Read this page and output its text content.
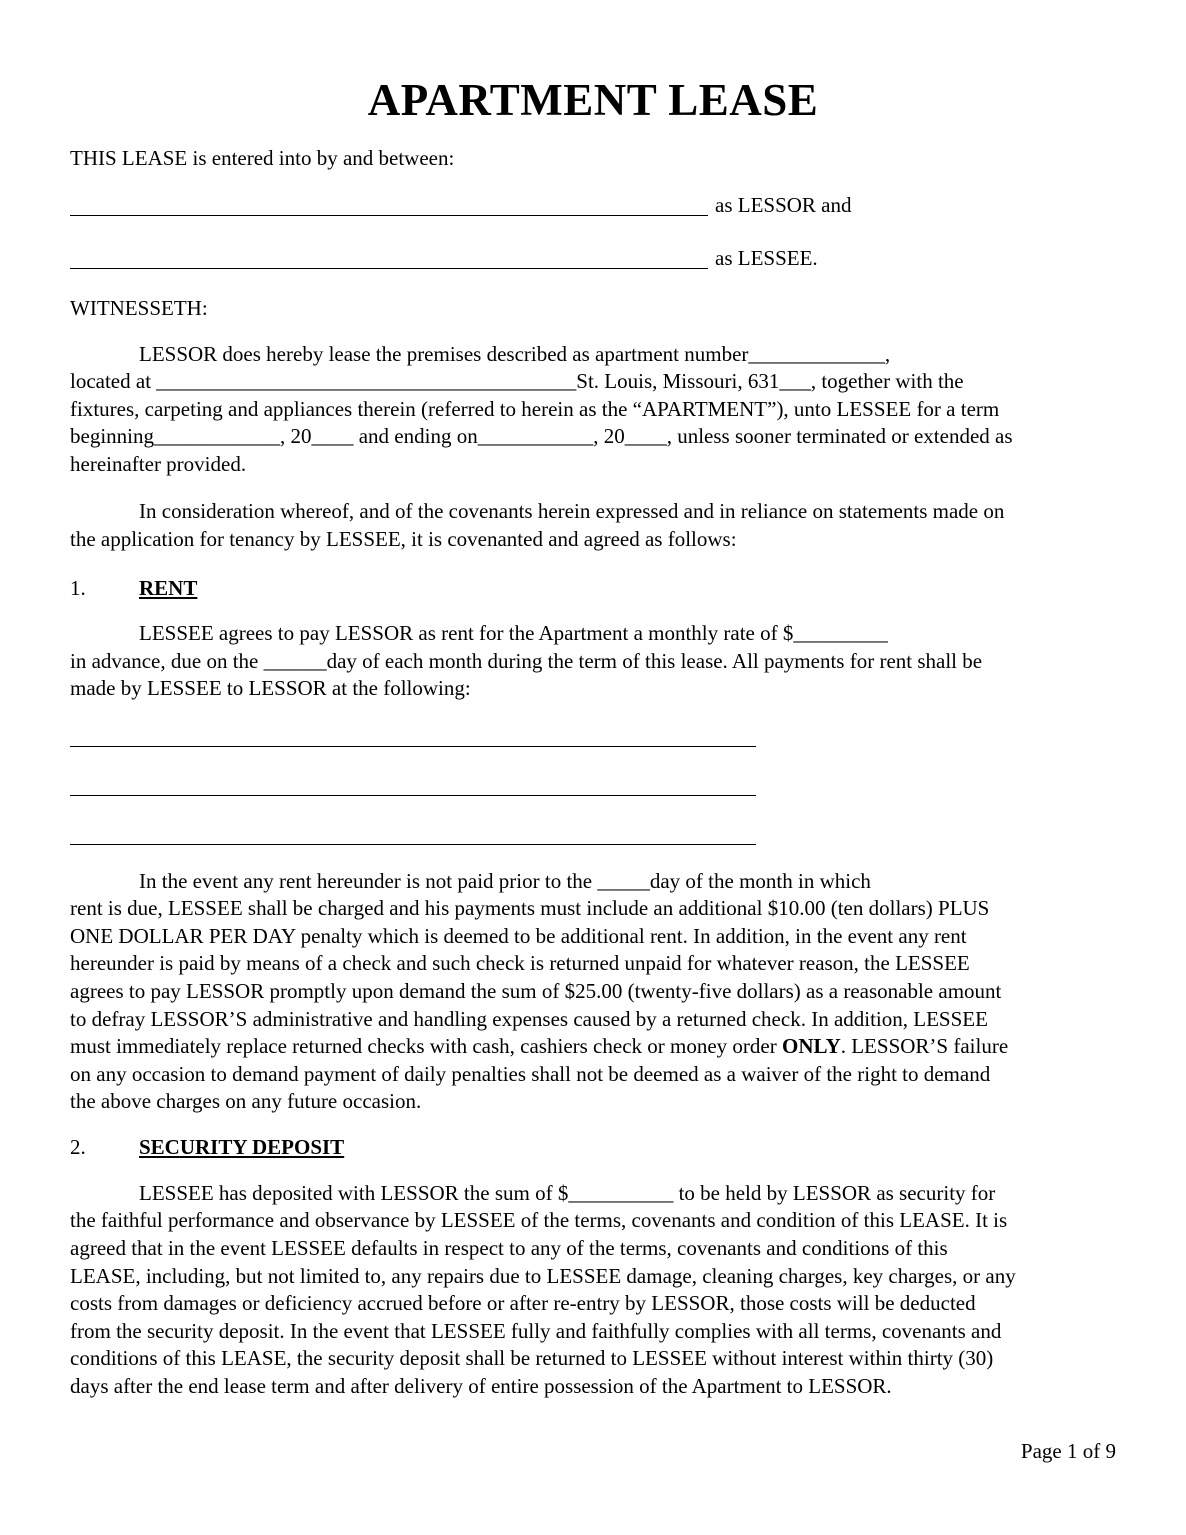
APARTMENT LEASE
THIS LEASE is entered into by and between:
as LESSOR and
as LESSEE.
WITNESSETH:
LESSOR does hereby lease the premises described as apartment number_____________,
located at ________________________________________St. Louis, Missouri, 631___, together with the
fixtures, carpeting and appliances therein (referred to herein as the “APARTMENT”), unto LESSEE for a term
beginning____________, 20____ and ending on___________, 20____, unless sooner terminated or extended as
hereinafter provided.
In consideration whereof, and of the covenants herein expressed and in reliance on statements made on
the application for tenancy by LESSEE, it is covenanted and agreed as follows:
1.	RENT
LESSEE agrees to pay LESSOR as rent for the Apartment a monthly rate of $_________
in advance, due on the ______day of each month during the term of this lease. All payments for rent shall be
made by LESSEE to LESSOR at the following:
In the event any rent hereunder is not paid prior to the _____day of the month in which
rent is due, LESSEE shall be charged and his payments must include an additional $10.00 (ten dollars) PLUS
ONE DOLLAR PER DAY penalty which is deemed to be additional rent. In addition, in the event any rent
hereunder is paid by means of a check and such check is returned unpaid for whatever reason, the LESSEE
agrees to pay LESSOR promptly upon demand the sum of $25.00 (twenty-five dollars) as a reasonable amount
to defray LESSOR’S administrative and handling expenses caused by a returned check. In addition, LESSEE
must immediately replace returned checks with cash, cashiers check or money order ONLY. LESSOR’S failure
on any occasion to demand payment of daily penalties shall not be deemed as a waiver of the right to demand
the above charges on any future occasion.
2.	SECURITY DEPOSIT
LESSEE has deposited with LESSOR the sum of $__________ to be held by LESSOR as security for
the faithful performance and observance by LESSEE of the terms, covenants and condition of this LEASE. It is
agreed that in the event LESSEE defaults in respect to any of the terms, covenants and conditions of this
LEASE, including, but not limited to, any repairs due to LESSEE damage, cleaning charges, key charges, or any
costs from damages or deficiency accrued before or after re-entry by LESSOR, those costs will be deducted
from the security deposit. In the event that LESSEE fully and faithfully complies with all terms, covenants and
conditions of this LEASE, the security deposit shall be returned to LESSEE without interest within thirty (30)
days after the end lease term and after delivery of entire possession of the Apartment to LESSOR.
Page 1 of 9
